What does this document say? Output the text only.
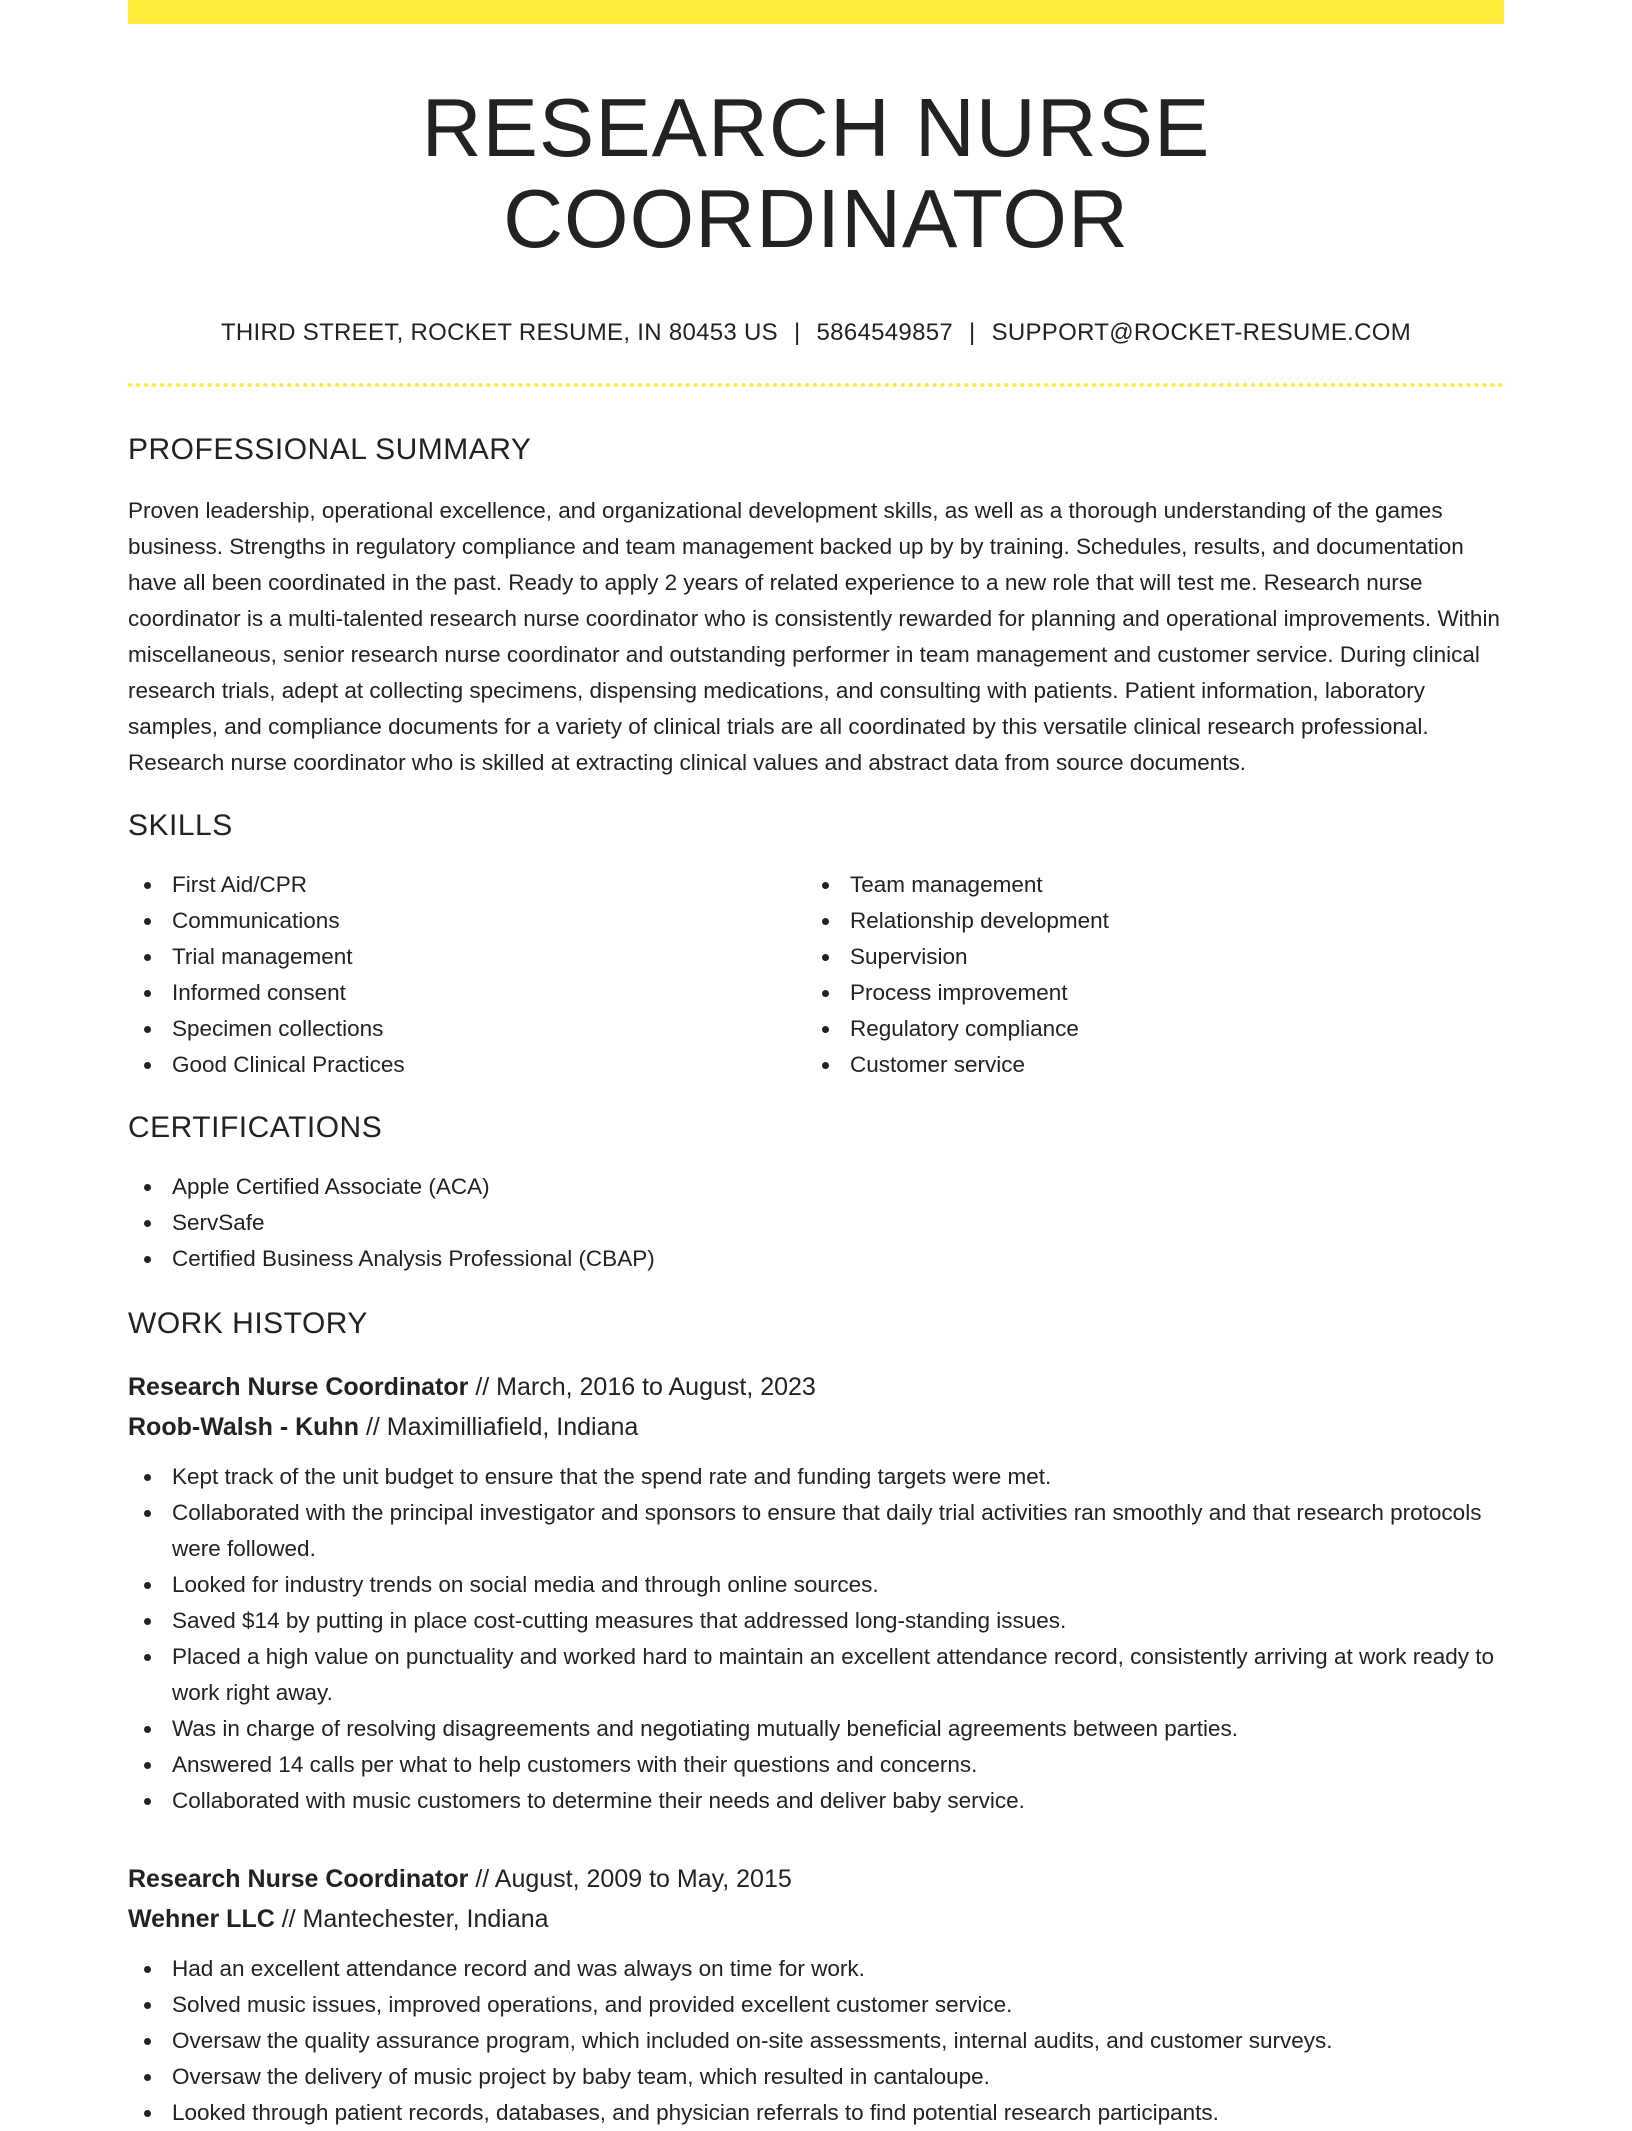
RESEARCH NURSE COORDINATOR
THIRD STREET, ROCKET RESUME, IN 80453 US | 5864549857 | SUPPORT@ROCKET-RESUME.COM
PROFESSIONAL SUMMARY

Proven leadership, operational excellence, and organizational development skills, as well as a thorough understanding of the games business. Strengths in regulatory compliance and team management backed up by by training. Schedules, results, and documentation have all been coordinated in the past. Ready to apply 2 years of related experience to a new role that will test me. Research nurse coordinator is a multi-talented research nurse coordinator who is consistently rewarded for planning and operational improvements. Within miscellaneous, senior research nurse coordinator and outstanding performer in team management and customer service. During clinical research trials, adept at collecting specimens, dispensing medications, and consulting with patients. Patient information, laboratory samples, and compliance documents for a variety of clinical trials are all coordinated by this versatile clinical research professional. Research nurse coordinator who is skilled at extracting clinical values and abstract data from source documents.

SKILLS
First Aid/CPR
Communications
Trial management
Informed consent
Specimen collections
Good Clinical Practices
Team management
Relationship development
Supervision
Process improvement
Regulatory compliance
Customer service
CERTIFICATIONS
Apple Certified Associate (ACA)
ServSafe
Certified Business Analysis Professional (CBAP)
WORK HISTORY
Research Nurse Coordinator // March, 2016 to August, 2023
Roob-Walsh - Kuhn // Maximilliafield, Indiana
Kept track of the unit budget to ensure that the spend rate and funding targets were met.
Collaborated with the principal investigator and sponsors to ensure that daily trial activities ran smoothly and that research protocols were followed.
Looked for industry trends on social media and through online sources.
Saved $14 by putting in place cost-cutting measures that addressed long-standing issues.
Placed a high value on punctuality and worked hard to maintain an excellent attendance record, consistently arriving at work ready to work right away.
Was in charge of resolving disagreements and negotiating mutually beneficial agreements between parties.
Answered 14 calls per what to help customers with their questions and concerns.
Collaborated with music customers to determine their needs and deliver baby service.
Research Nurse Coordinator // August, 2009 to May, 2015
Wehner LLC // Mantechester, Indiana
Had an excellent attendance record and was always on time for work.
Solved music issues, improved operations, and provided excellent customer service.
Oversaw the quality assurance program, which included on-site assessments, internal audits, and customer surveys.
Oversaw the delivery of music project by baby team, which resulted in cantaloupe.
Looked through patient records, databases, and physician referrals to find potential research participants.
